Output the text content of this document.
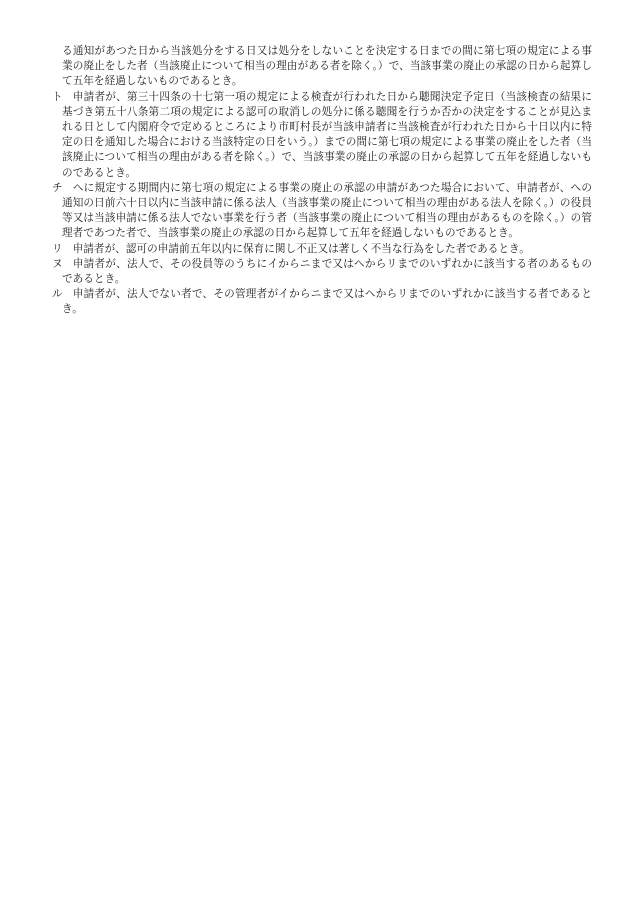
る通知があつた日から当該処分をする日又は処分をしないことを決定する日までの間に第七項の規定による事業の廃止をした者（当該廃止について相当の理由がある者を除く。）で、当該事業の廃止の承認の日から起算して五年を経過しないものであるとき。
ト 　申請者が、第三十四条の十七第一項の規定による検査が行われた日から聴聞決定予定日（当該検査の結果に基づき第五十八条第二項の規定による認可の取消しの処分に係る聴聞を行うか否かの決定をすることが見込まれる日として内閣府令で定めるところにより市町村長が当該申請者に当該検査が行われた日から十日以内に特定の日を通知した場合における当該特定の日をいう。）までの間に第七項の規定による事業の廃止をした者（当該廃止について相当の理由がある者を除く。）で、当該事業の廃止の承認の日から起算して五年を経過しないものであるとき。
チ 　ヘに規定する期間内に第七項の規定による事業の廃止の承認の申請があつた場合において、申請者が、への通知の日前六十日以内に当該申請に係る法人（当該事業の廃止について相当の理由がある法人を除く。）の役員等又は当該申請に係る法人でない事業を行う者（当該事業の廃止について相当の理由があるものを除く。）の管理者であつた者で、当該事業の廃止の承認の日から起算して五年を経過しないものであるとき。
リ 　申請者が、認可の申請前五年以内に保育に関し不正又は著しく不当な行為をした者であるとき。
ヌ 　申請者が、法人で、その役員等のうちにイからニまで又はヘからリまでのいずれかに該当する者のあるものであるとき。
ル 　申請者が、法人でない者で、その管理者がイからニまで又はヘからリまでのいずれかに該当する者であるとき。
